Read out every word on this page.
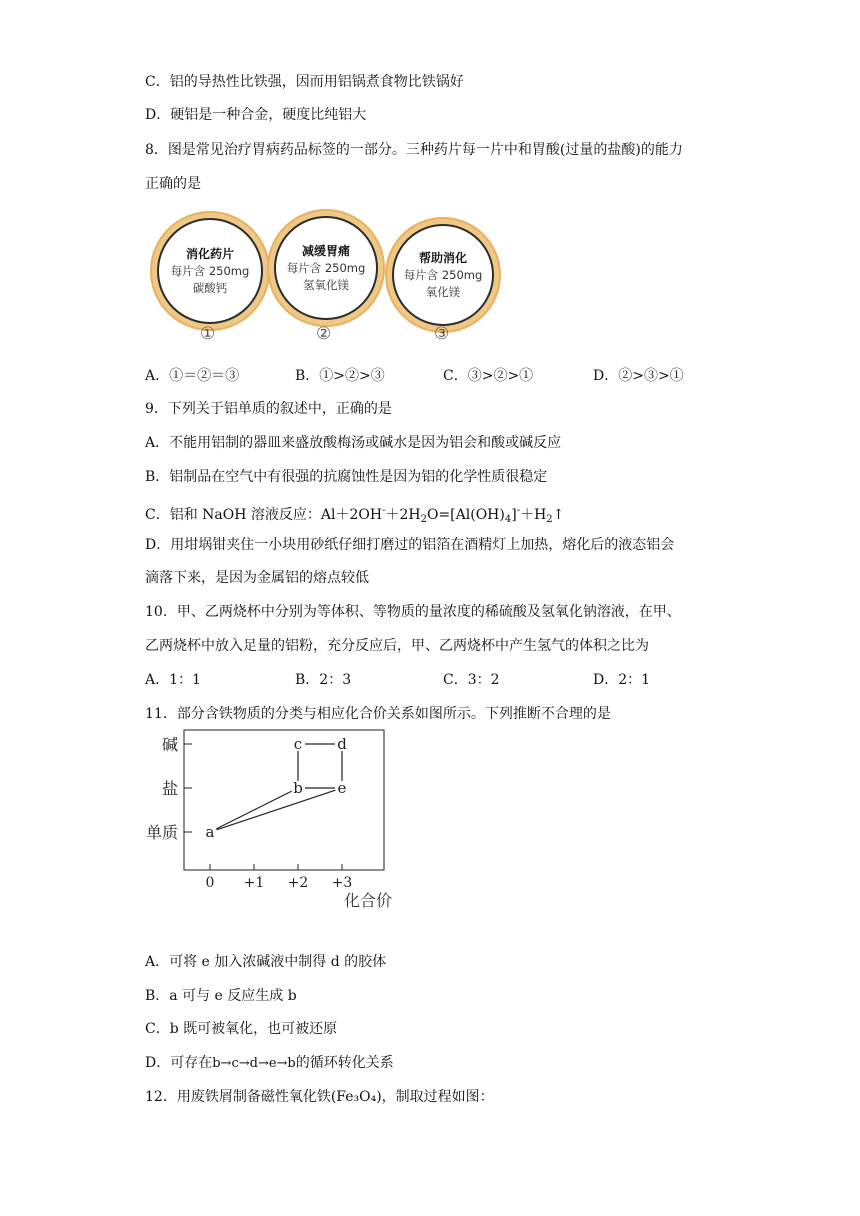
C．铝的导热性比铁强，因而用铝锅煮食物比铁锅好
D．硬铝是一种合金，硬度比纯铝大
8．图是常见治疗胃病药品标签的一部分。三种药片每一片中和胃酸(过量的盐酸)的能力
正确的是
消化药片
每片含 250mg
碳酸钙
①
减缓胃痛
每片含 250mg
氢氧化镁
②
帮助消化
每片含 250mg
氧化镁
③
A．①＝②＝③	B．①>②>③	C．③>②>①	D．②>③>①
9．下列关于铝单质的叙述中，正确的是
A．不能用铝制的器皿来盛放酸梅汤或碱水是因为铝会和酸或碱反应
B．铝制品在空气中有很强的抗腐蚀性是因为铝的化学性质很稳定
C．铝和 NaOH 溶液反应：$Al+2OH^-+2H_2O=[Al(OH)_4]^-+H_2↑$
D．用坩埚钳夹住一小块用砂纸仔细打磨过的铝箔在酒精灯上加热，熔化后的液态铝会
滴落下来，是因为金属铝的熔点较低
10．甲、乙两烧杯中分别为等体积、等物质的量浓度的稀硫酸及氢氧化钠溶液，在甲、
乙两烧杯中放入足量的铝粉，充分反应后，甲、乙两烧杯中产生氢气的体积之比为
A．1：1	B．2：3	C．3：2	D．2：1
11．部分含铁物质的分类与相应化合价关系如图所示。下列推断不合理的是
单质
盐
碱
0 +1 +2 +3
a
b
c d
e
化合价
A．可将 e 加入浓碱液中制得 d 的胶体
B．a 可与 e 反应生成 b
C．b 既可被氧化，也可被还原
D．可存在b→c→d→e→b的循环转化关系
12．用废铁屑制备磁性氧化铁(Fe₃O₄)，制取过程如图：
